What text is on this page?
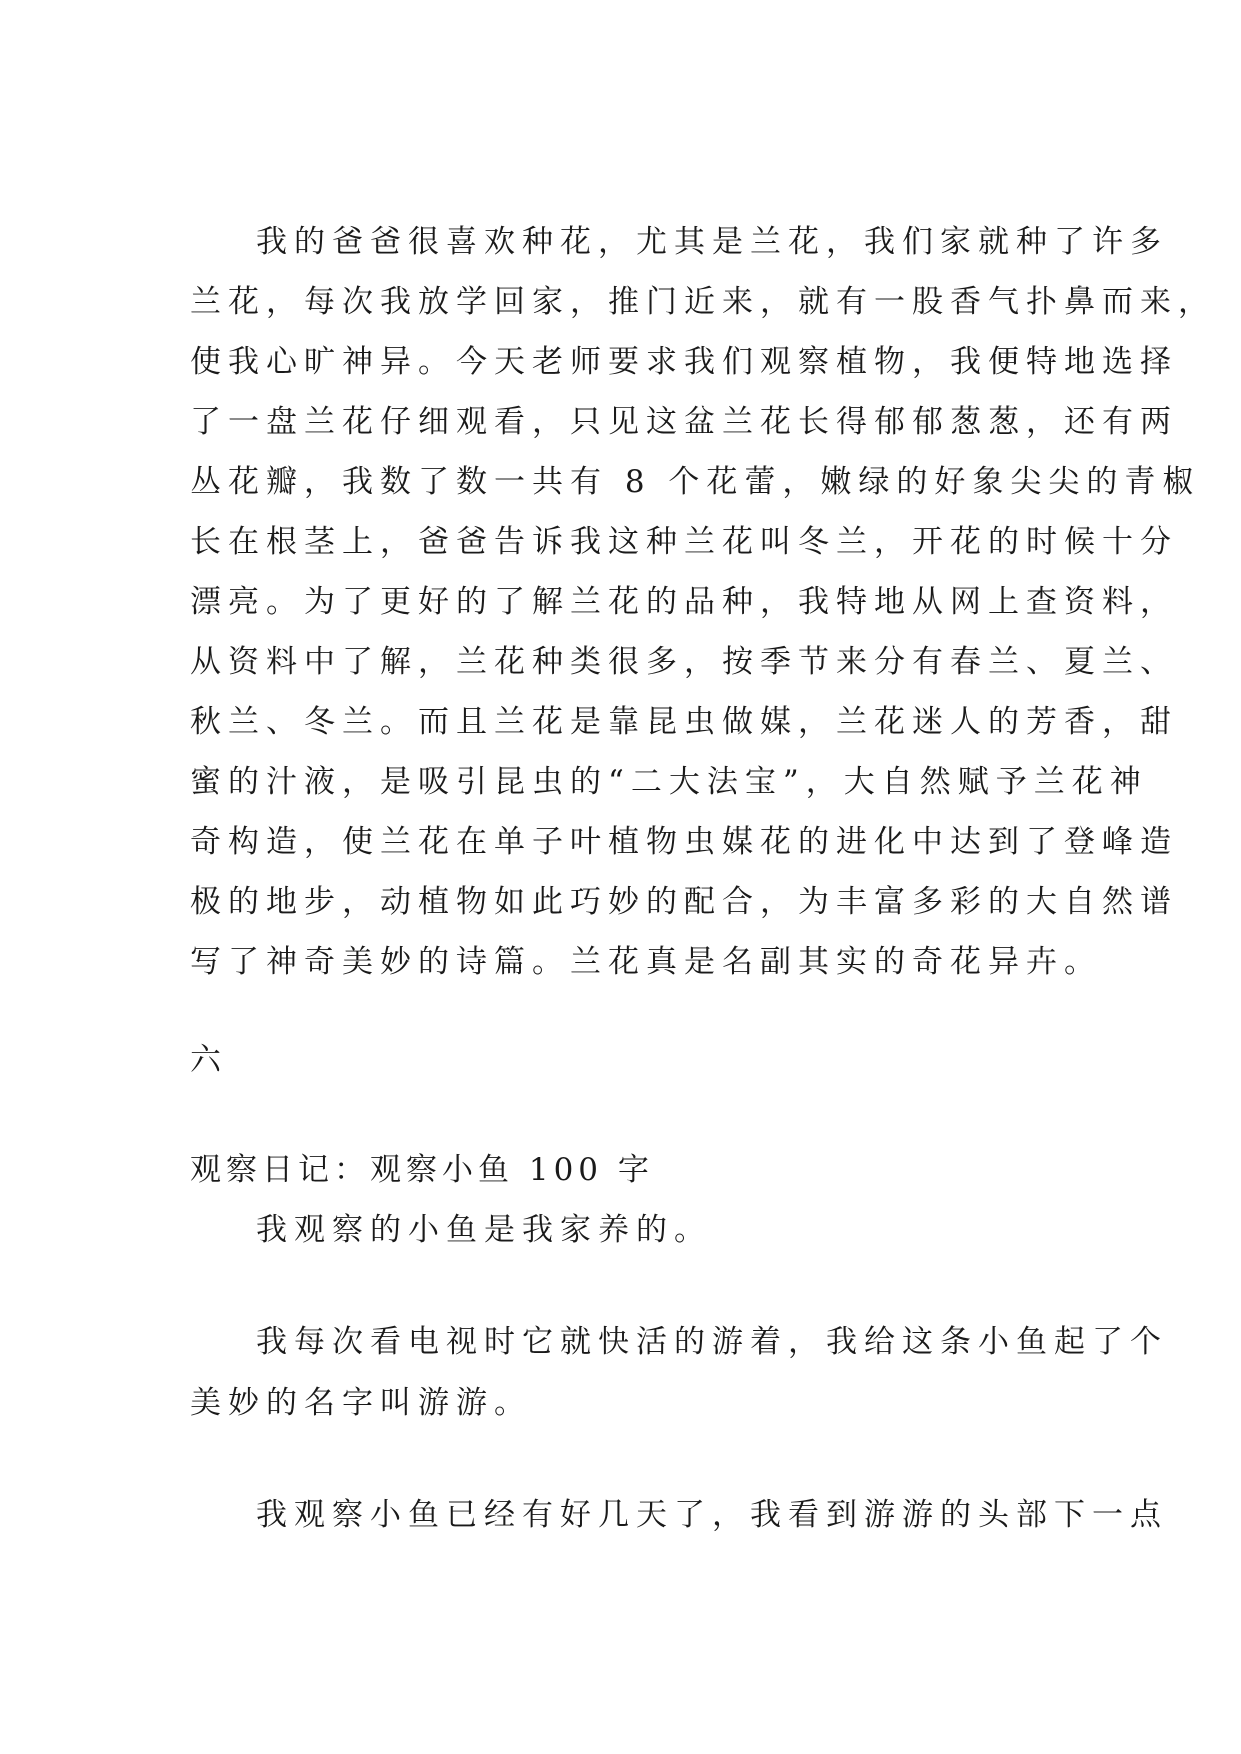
我的爸爸很喜欢种花，尤其是兰花，我们家就种了许多
兰花，每次我放学回家，推门近来，就有一股香气扑鼻而来，
使我心旷神异。今天老师要求我们观察植物，我便特地选择
了一盘兰花仔细观看，只见这盆兰花长得郁郁葱葱，还有两
丛花瓣，我数了数一共有 8 个花蕾，嫩绿的好象尖尖的青椒
长在根茎上，爸爸告诉我这种兰花叫冬兰，开花的时候十分
漂亮。为了更好的了解兰花的品种，我特地从网上查资料，
从资料中了解，兰花种类很多，按季节来分有春兰、夏兰、
秋兰、冬兰。而且兰花是靠昆虫做媒，兰花迷人的芳香，甜
蜜的汁液，是吸引昆虫的“二大法宝”，大自然赋予兰花神
奇构造，使兰花在单子叶植物虫媒花的进化中达到了登峰造
极的地步，动植物如此巧妙的配合，为丰富多彩的大自然谱
写了神奇美妙的诗篇。兰花真是名副其实的奇花异卉。
六
观察日记：观察小鱼 100 字
我观察的小鱼是我家养的。
我每次看电视时它就快活的游着，我给这条小鱼起了个
美妙的名字叫游游。
我观察小鱼已经有好几天了，我看到游游的头部下一点
